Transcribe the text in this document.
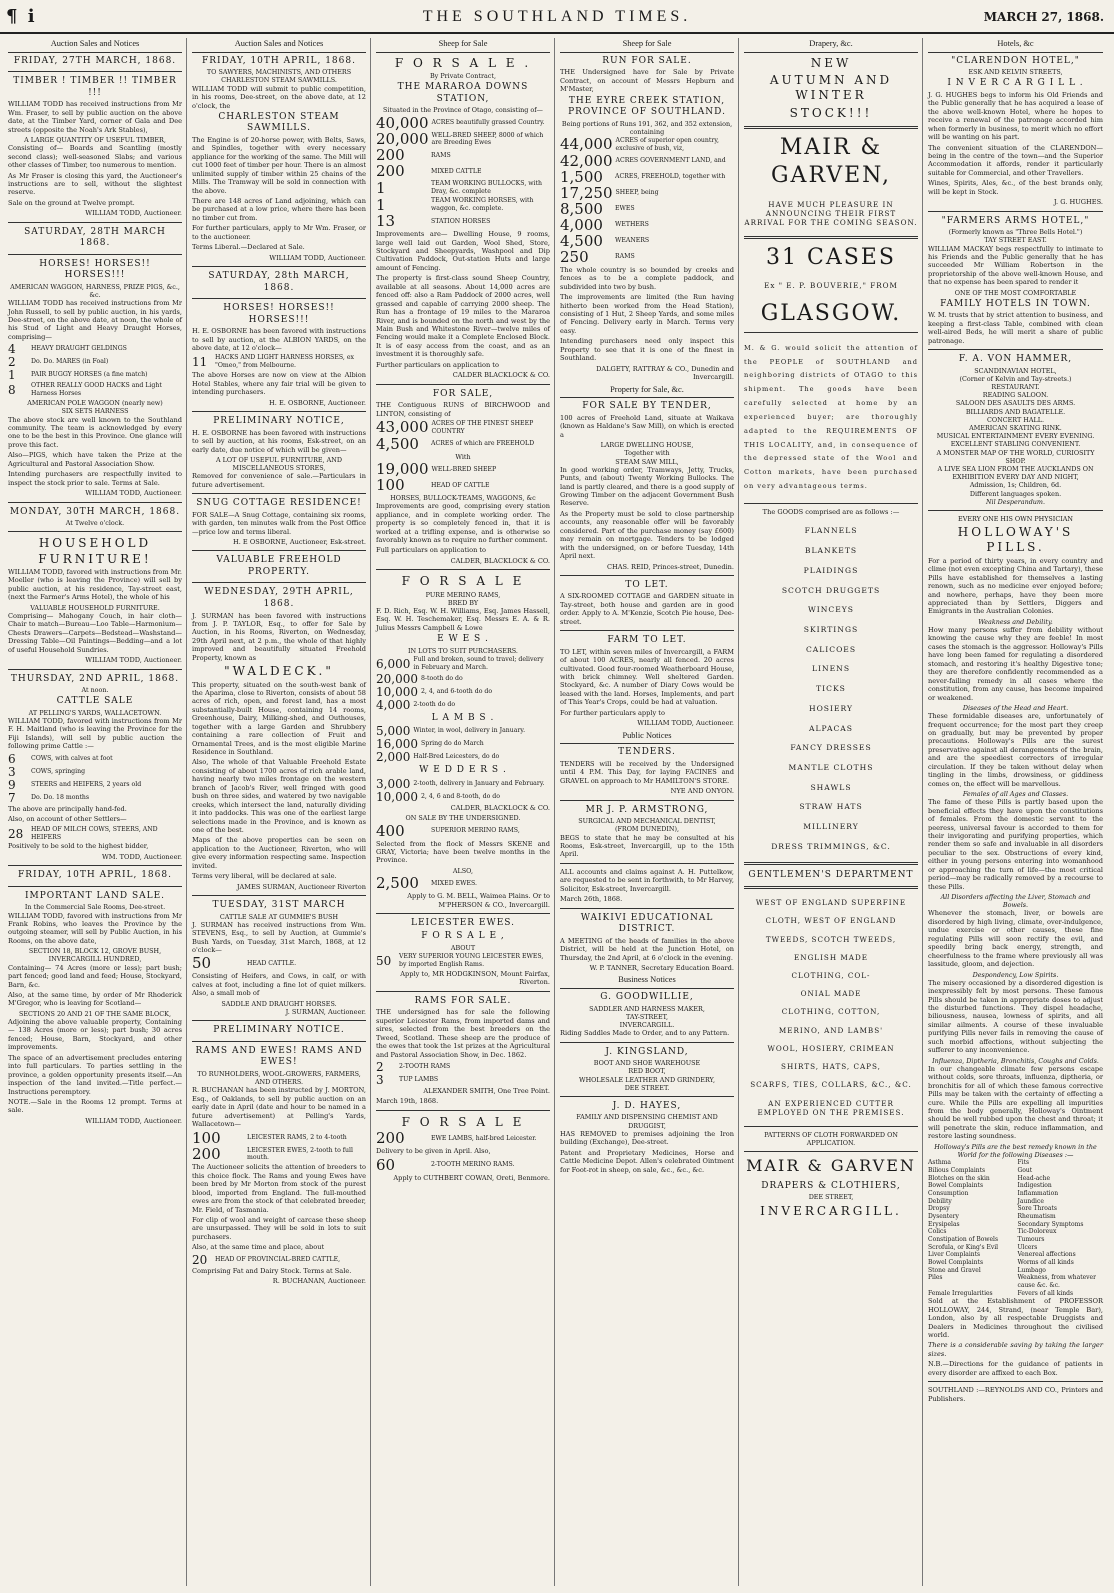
¶ i	THE SOUTHLAND TIMES.	MARCH 27, 1868.
Auction Sales and Notices
FRIDAY, 27TH MARCH, 1868.
TIMBER ! TIMBER !! TIMBER !!!

WILLIAM TODD has received instructions from Mr Wm. Fraser, to sell by public auction on the above date, at the Timber Yard, corner of Gala and Dee streets (opposite the Noah's Ark Stables),

A LARGE QUANTITY OF USEFUL TIMBER,

Consisting of— Boards and Scantling (mostly second class); well-seasoned Slabs; and various other classes of Timber, too numerous to mention.

As Mr Fraser is closing this yard, the Auctioneer's instructions are to sell, without the slightest reserve.

Sale on the ground at Twelve prompt.

WILLIAM TODD, Auctioneer.

SATURDAY, 28TH MARCH 1868.
HORSES! HORSES!! HORSES!!!
AMERICAN WAGGON, HARNESS, PRIZE PIGS, &c., &c.

WILLIAM TODD has received instructions from Mr John Russell, to sell by public auction, in his yards, Dee-street, on the above date, at noon, the whole of his Stud of Light and Heavy Draught Horses, comprising—

4	HEAVY DRAUGHT GELDINGS
2	Do. Do. MARES (in Foal)
1	PAIR BUGGY HORSES (a fine match)
8	OTHER REALLY GOOD HACKS and Light Harness Horses
AMERICAN POLE WAGGON (nearly new)
SIX SETS HARNESS

The above stock are well known to the Southland community. The team is acknowledged by every one to be the best in this Province. One glance will prove this fact.

Also—PIGS, which have taken the Prize at the Agricultural and Pastoral Association Show.

Intending purchasers are respectfully invited to inspect the stock prior to sale. Terms at Sale.

WILLIAM TODD, Auctioneer.

MONDAY, 30TH MARCH, 1868.
At Twelve o'clock.
HOUSEHOLD FURNITURE!

WILLIAM TODD, favored with instructions from Mr. Moeller (who is leaving the Province) will sell by public auction, at his residence, Tay-street east, (next the Farmer's Arms Hotel), the whole of his

VALUABLE HOUSEHOLD FURNITURE.

Comprising— Mahogany Couch, in hair cloth—Chair to match—Bureau—Loo Table—Harmonium—Chests Drawers—Carpets—Bedstead—Washstand—Dressing Table—Oil Paintings—Bedding—and a lot of useful Household Sundries.

WILLIAM TODD, Auctioneer.

THURSDAY, 2ND APRIL, 1868.
At noon.
CATTLE SALE
AT PELLING'S YARDS, WALLACETOWN.

WILLIAM TODD, favored with instructions from Mr F. H. Maitland (who is leaving the Province for the Fiji Islands), will sell by public auction the following prime Cattle :—

6	COWS, with calves at foot
3	COWS, springing
9	STEERS and HEIFERS, 2 years old
7	Do. Do. 18 months

The above are principally hand-fed.

Also, on account of other Settlers—

28	HEAD OF MILCH COWS, STEERS, AND HEIFERS

Positively to be sold to the highest bidder,

WM. TODD, Auctioneer.

FRIDAY, 10TH APRIL, 1868.
IMPORTANT LAND SALE.
In the Commercial Sale Rooms, Dee-street.

WILLIAM TODD, favored with instructions from Mr Frank Robins, who leaves the Province by the outgoing steamer, will sell by Public Auction, in his Rooms, on the above date,

SECTION 18, BLOCK 12, GROVE BUSH, INVERCARGILL HUNDRED,

Containing— 74 Acres (more or less); part bush; part fenced; good land and feed; House, Stockyard, Barn, &c.

Also, at the same time, by order of Mr Rhoderick M'Gregor, who is leaving for Scotland—

SECTIONS 20 AND 21 OF THE SAME BLOCK,

Adjoining the above valuable property, Containing— 138 Acres (more or less); part bush; 30 acres fenced; House, Barn, Stockyard, and other improvements.

The space of an advertisement precludes entering into full particulars. To parties settling in the province, a golden opportunity presents itself.—An inspection of the land invited.—Title perfect.—Instructions peremptory.

NOTE.—Sale in the Rooms 12 prompt. Terms at sale.

WILLIAM TODD, Auctioneer.

Auction Sales and Notices
FRIDAY, 10TH APRIL, 1868.
TO SAWYERS, MACHINISTS, AND OTHERS
CHARLESTON STEAM SAWMILLS.

WILLIAM TODD will submit to public competition, in his rooms, Dee-street, on the above date, at 12 o'clock, the

CHARLESTON STEAM SAWMILLS.

The Engine is of 20-horse power, with Belts, Saws, and Spindles, together with every necessary appliance for the working of the same. The Mill will cut 1000 feet of timber per hour. There is an almost unlimited supply of timber within 25 chains of the Mills. The Tramway will be sold in connection with the above.

There are 148 acres of Land adjoining, which can be purchased at a low price, where there has been no timber cut from.

For further particulars, apply to Mr Wm. Fraser, or to the auctioneer.

Terms Liberal.—Declared at Sale.

WILLIAM TODD, Auctioneer.

SATURDAY, 28th MARCH, 1868.
HORSES! HORSES!! HORSES!!!

H. E. OSBORNE has been favored with instructions to sell by auction, at the ALBION YARDS, on the above date, at 12 o'clock—

11	HACKS AND LIGHT HARNESS HORSES, ex "Omeo," from Melbourne.

The above Horses are now on view at the Albion Hotel Stables, where any fair trial will be given to intending purchasers.

H. E. OSBORNE, Auctioneer.

PRELIMINARY NOTICE,

H. E. OSBORNE has been favored with instructions to sell by auction, at his rooms, Esk-street, on an early date, due notice of which will be given—

A LOT OF USEFUL FURNITURE, AND MISCELLANEOUS STORES,

Removed for convenience of sale.—Particulars in future advertisement.

SNUG COTTAGE RESIDENCE!

FOR SALE—A Snug Cottage, containing six rooms, with garden, ten minutes walk from the Post Office—price low and terms liberal.

H. E OSBORNE, Auctioneer, Esk-street.

VALUABLE FREEHOLD PROPERTY.
WEDNESDAY, 29TH APRIL, 1868.

J. SURMAN has been favored with instructions from J. P. TAYLOR, Esq., to offer for Sale by Auction, in his Rooms, Riverton, on Wednesday, 29th April next, at 2 p.m., the whole of that highly improved and beautifully situated Freehold Property, known as

"WALDECK."

This property, situated on the south-west bank of the Aparima, close to Riverton, consists of about 58 acres of rich, open, and forest land, has a most substantially-built House, containing 14 rooms, Greenhouse, Dairy, Milking-shed, and Outhouses, together with a large Garden and Shrubbery containing a rare collection of Fruit and Ornamental Trees, and is the most eligible Marine Residence in Southland.

Also, The whole of that Valuable Freehold Estate consisting of about 1700 acres of rich arable land, having nearly two miles frontage on the western branch of Jacob's River, well fringed with good bush on three sides, and watered by two navigable creeks, which intersect the land, naturally dividing it into paddocks. This was one of the earliest large selections made in the Province, and is known as one of the best.

Maps of the above properties can be seen on application to the Auctioneer, Riverton, who will give every information respecting same. Inspection invited.

Terms very liberal, will be declared at sale.

JAMES SURMAN, Auctioneer Riverton

TUESDAY, 31ST MARCH
CATTLE SALE AT GUMMIE'S BUSH

J. SURMAN has received instructions from Wm. STEVENS, Esq., to sell by Auction, at Gummie's Bush Yards, on Tuesday, 31st March, 1868, at 12 o'clock—

50	HEAD CATTLE.

Consisting of Heifers, and Cows, in calf, or with calves at foot, including a fine lot of quiet milkers. Also, a small mob of

SADDLE AND DRAUGHT HORSES.

J. SURMAN, Auctioneer.

PRELIMINARY NOTICE.
RAMS AND EWES! RAMS AND EWES!
TO RUNHOLDERS, WOOL-GROWERS, FARMERS, AND OTHERS.

R. BUCHANAN has been instructed by J. MORTON, Esq., of Oaklands, to sell by public auction on an early date in April (date and hour to be named in a future advertisement) at Pelling's Yards, Wallacetown—

100	LEICESTER RAMS, 2 to 4-tooth
200	LEICESTER EWES, 2-tooth to full mouth.

The Auctioneer solicits the attention of breeders to this choice flock. The Rams and young Ewes have been bred by Mr Morton from stock of the purest blood, imported from England. The full-mouthed ewes are from the stock of that celebrated breeder, Mr. Field, of Tasmania.

For clip of wool and weight of carcase these sheep are unsurpassed. They will be sold in lots to suit purchasers.

Also, at the same time and place, about

20	HEAD OF PROVINCIAL-BRED CATTLE,

Comprising Fat and Dairy Stock. Terms at Sale.

R. BUCHANAN, Auctioneer.

Sheep for Sale
F O R S A L E .
By Private Contract,
THE MARAROA DOWNS STATION,
Situated in the Province of Otago, consisting of—
40,000 ACRES beautifully grassed Country.
20,000 WELL-BRED SHEEP, 8000 of which are Breeding Ewes
200	RAMS
200	MIXED CATTLE
1	TEAM WORKING BULLOCKS, with Dray, &c. complete
1	TEAM WORKING HORSES, with waggon, &c. complete.
13	STATION HORSES

Improvements are— Dwelling House, 9 rooms, large well laid out Garden, Wool Shed, Store, Stockyard and Sheepyards, Washpool and Dip Cultivation Paddock, Out-station Huts and large amount of Fencing.

The property is first-class sound Sheep Country, available at all seasons. About 14,000 acres are fenced off: also a Ram Paddock of 2000 acres, well grassed and capable of carrying 2000 sheep. The Run has a frontage of 19 miles to the Mararoa River, and is bounded on the north and west by the Main Bush and Whitestone River—twelve miles of Fencing would make it a Complete Enclosed Block. It is of easy access from the coast, and as an investment it is thoroughly safe.

Further particulars on application to

CALDER BLACKLOCK & CO.

FOR SALE,

THE Contiguous RUNS of BIRCHWOOD and LINTON, consisting of

43,000 ACRES OF THE FINEST SHEEP COUNTRY
4,500	ACRES of which are FREEHOLD
With
19,000 WELL-BRED SHEEP
100	HEAD OF CATTLE
HORSES, BULLOCK-TEAMS, WAGGONS, &c

Improvements are good, comprising every station appliance, and in complete working order. The property is so completely fenced in, that it is worked at a trifling expense, and is otherwise so favorably known as to require no further comment.

Full particulars on application to

CALDER, BLACKLOCK & CO.

F O R S A L E
PURE MERINO RAMS,
BRED BY

F. D. Rich, Esq. W. H. Williams, Esq. James Hassell, Esq. W. H. Teschemaker, Esq. Messrs E. A. & R. Julius Messrs Campbell & Lowe

E W E S .
IN LOTS TO SUIT PURCHASERS.
6,000 Full and broken, sound to travel; delivery in February and March.
20,000 8-tooth do do
10,000 2, 4, and 6-tooth do do
4,000 2-tooth do do
L A M B S .
5,000 Winter, in wool, delivery in January.
16,000 Spring do do March
2,000 Half-Bred Leicesters, do do
W E D D E R S .
3,000 2-tooth, delivery in January and February.
10,000 2, 4, 6 and 8-tooth, do do

CALDER, BLACKLOCK & CO.

ON SALE BY THE UNDERSIGNED.
400	SUPERIOR MERINO RAMS,

Selected from the flock of Messrs SKENE and GRAY, Victoria; have been twelve months in the Province.

ALSO,
2,500	MIXED EWES.

Apply to G. M. BELL, Waimea Plains. Or to M'PHERSON & CO., Invercargill.

LEICESTER EWES.
F O R S A L E ,
ABOUT
50	VERY SUPERIOR YOUNG LEICESTER EWES, by imported English Rams.

Apply to, MR HODGKINSON, Mount Fairfax, Riverton.

RAMS FOR SALE.

THE undersigned has for sale the following superior Leicester Rams, from imported dams and sires, selected from the best breeders on the Tweed, Scotland. These sheep are the produce of the ewes that took the 1st prizes at the Agricultural and Pastoral Association Show, in Dec. 1862.

2	2-TOOTH RAMS
3	TUP LAMBS

ALEXANDER SMITH, One Tree Point.

March 19th, 1868.

F O R S A L E
200	EWE LAMBS, half-bred Leicester.

Delivery to be given in April. Also,

60	2-TOOTH MERINO RAMS.

Apply to CUTHBERT COWAN, Oreti, Benmore.

Sheep for Sale
RUN FOR SALE.

THE Undersigned have for Sale by Private Contract, on account of Messrs Hepburn and M'Master,

THE EYRE CREEK STATION, PROVINCE OF SOUTHLAND.
Being portions of Runs 191, 362, and 352 extension, containing
44,000 ACRES of superior open country, exclusive of bush, viz,
42,000 ACRES GOVERNMENT LAND, and
1,500	ACRES, FREEHOLD, together with
17,250 SHEEP, being
8,500	EWES
4,000	WETHERS
4,500	WEANERS
250	RAMS

The whole country is so bounded by creeks and fences as to be a complete paddock, and subdivided into two by bush.

The improvements are limited (the Run having hitherto been worked from the Head Station), consisting of 1 Hut, 2 Sheep Yards, and some miles of Fencing. Delivery early in March. Terms very easy.

Intending purchasers need only inspect this Property to see that it is one of the finest in Southland.

DALGETY, RATTRAY & CO., Dunedin and Invercargill.

Property for Sale, &c.
FOR SALE BY TENDER,

100 acres of Freehold Land, situate at Waikava (known as Haldane's Saw Mill), on which is erected a

LARGE DWELLING HOUSE,
Together with
STEAM SAW MILL,

In good working order, Tramways, Jetty, Trucks, Punts, and (about) Twenty Working Bullocks. The land is partly cleared, and there is a good supply of Growing Timber on the adjacent Government Bush Reserve.

As the Property must be sold to close partnership accounts, any reasonable offer will be favorably considered. Part of the purchase money (say £600) may remain on mortgage. Tenders to be lodged with the undersigned, on or before Tuesday, 14th April next.

CHAS. REID, Princes-street, Dunedin.

TO LET.

A SIX-ROOMED COTTAGE and GARDEN situate in Tay-street, both house and garden are in good order. Apply to A. M'Kenzie, Scotch Pie house, Dee-street.

FARM TO LET.

TO LET, within seven miles of Invercargill, a FARM of about 100 ACRES, nearly all fenced. 20 acres cultivated. Good four-roomed Weatherboard House, with brick chimney. Well sheltered Garden. Stockyard, &c. A number of Diary Cows would be leased with the land. Horses, Implements, and part of This Year's Crops, could be had at valuation.

For further particulars apply to

WILLIAM TODD, Auctioneer.

Public Notices
TENDERS.

TENDERS will be received by the Undersigned until 4 P.M. This Day, for laying FACINES and GRAVEL on approach to Mr HAMILTON'S STORE.

NYE AND ONYON.

MR J. P. ARMSTRONG,
SURGICAL AND MECHANICAL DENTIST,
(FROM DUNEDIN),

BEGS to state that he may be consulted at his Rooms, Esk-street, Invercargill, up to the 15th April.

ALL accounts and claims against A. H. Puttelkow, are requested to be sent in forthwith, to Mr Harvey, Solicitor, Esk-street, Invercargill.

March 26th, 1868.

WAIKIVI EDUCATIONAL DISTRICT.

A MEETING of the heads of families in the above District, will be held at the Junction Hotel, on Thursday, the 2nd April, at 6 o'clock in the evening.

W. P. TANNER, Secretary Education Board.

Business Notices
G. GOODWILLIE,
SADDLER AND HARNESS MAKER,
TAY-STREET,
INVERCARGILL.

Riding Saddles Made to Order, and to any Pattern.

J. KINGSLAND,
BOOT AND SHOE WAREHOUSE
RED BOOT,
WHOLESALE LEATHER AND GRINDERY,
DEE STREET.
J. D. HAYES,
FAMILY AND DISPENSING CHEMIST AND DRUGGIST,

HAS REMOVED to premises adjoining the Iron building (Exchange), Dee-street.

Patent and Proprietary Medicines, Horse and Cattle Medicine Depot. Allen's celebrated Ointment for Foot-rot in sheep, on sale, &c., &c., &c.

Drapery, &c.
NEW
AUTUMN AND WINTER
STOCK!!!
MAIR & GARVEN,
HAVE MUCH PLEASURE IN ANNOUNCING THEIR FIRST ARRIVAL FOR THE COMING SEASON.
31 CASES
Ex " E. P. BOUVERIE," FROM
GLASGOW.
M. & G. would solicit the attention of the PEOPLE of SOUTHLAND and neighboring districts of OTAGO to this shipment. The goods have been carefully selected at home by an experienced buyer; are thoroughly adapted to the REQUIREMENTS OF THIS LOCALITY, and, in consequence of the depressed state of the Wool and Cotton markets, have been purchased on very advantageous terms.
The GOODS comprised are as follows :—
FLANNELS
BLANKETS
PLAIDINGS
SCOTCH DRUGGETS
WINCEYS
SKIRTINGS
CALICOES
LINENS
TICKS
HOSIERY
ALPACAS
FANCY DRESSES
MANTLE CLOTHS
SHAWLS
STRAW HATS
MILLINERY
DRESS TRIMMINGS, &C.
GENTLEMEN'S DEPARTMENT
WEST OF ENGLAND SUPERFINE
CLOTH, WEST OF ENGLAND
TWEEDS, SCOTCH TWEEDS,
ENGLISH MADE
CLOTHING, COL-
ONIAL MADE
CLOTHING, COTTON,
MERINO, AND LAMBS'
WOOL, HOSIERY, CRIMEAN
SHIRTS, HATS, CAPS,
SCARFS, TIES, COLLARS, &C., &C.
AN EXPERIENCED CUTTER EMPLOYED ON THE PREMISES.
PATTERNS OF CLOTH FORWARDED ON APPLICATION.
MAIR & GARVEN
DRAPERS & CLOTHIERS,
DEE STREET,
INVERCARGILL.
Hotels, &c
"CLARENDON HOTEL,"
ESK AND KELVIN STREETS,
I N V E R C A R G I L L .

J. G. HUGHES begs to inform his Old Friends and the Public generally that he has acquired a lease of the above well-known Hotel, where he hopes to receive a renewal of the patronage accorded him when formerly in business, to merit which no effort will be wanting on his part.

The convenient situation of the CLARENDON—being in the centre of the town—and the Superior Accommodation it affords, render it particularly suitable for Commercial, and other Travellers.

Wines, Spirits, Ales, &c., of the best brands only, will be kept in Stock.

J. G. HUGHES.

"FARMERS ARMS HOTEL,"
(Formerly known as "Three Bells Hotel.")
TAY STREET EAST.

WILLIAM MACKAY begs respectfully to intimate to his Friends and the Public generally that he has succeeded Mr William Robertson in the proprietorship of the above well-known House, and that no expense has been spared to render it

ONE OF THE MOST COMFORTABLE
FAMILY HOTELS IN TOWN.

W. M. trusts that by strict attention to business, and keeping a first-class Table, combined with clean well-aired Beds, he will merit a share of public patronage.

F. A. VON HAMMER,
SCANDINAVIAN HOTEL,
(Corner of Kelvin and Tay-streets.)
RESTAURANT.
READING SALOON.
SALOON DES ASAULTS DES ARMS.
BILLIARDS AND BAGATELLE.
CONCERT HALL.
AMERICAN SKATING RINK.
MUSICAL ENTERTAINMENT EVERY EVENING.
EXCELLENT STABLING CONVENIENT.
A MONSTER MAP OF THE WORLD, CURIOSITY SHOP.
A LIVE SEA LION FROM THE AUCKLANDS ON EXHIBITION EVERY DAY AND NIGHT,
Admission, 1s; Children, 6d.
Different languages spoken.
Nil Desperandum.
EVERY ONE HIS OWN PHYSICIAN
HOLLOWAY'S PILLS.

For a period of thirty years, in every country and clime (not even excepting China and Tartary), these Pills have established for themselves a lasting renown, such as no medicine ever enjoyed before; and nowhere, perhaps, have they been more appreciated than by Settlers, Diggers and Emigrants in the Australian Colonies.

Weakness and Debility.

How many persons suffer from debility without knowing the cause why they are feeble! In most cases the stomach is the aggressor. Holloway's Pills have long been famed for regulating a disordered stomach, and restoring it's healthy Digestive tone; they are therefore confidently recommended as a never-failing remedy in all cases where the constitution, from any cause, has become impaired or weakened.

Diseases of the Head and Heart.

These formidable diseases are, unfortunately of frequent occurrence; for the most part they creep on gradually, but may be prevented by proper precautions. Holloway's Pills are the surest preservative against all derangements of the brain, and are the speediest correctors of irregular circulation. If they be taken without delay when tingling in the limbs, drowsiness, or giddiness comes on, the effect will be marvellous.

Females of all Ages and Classes.

The fame of these Pills is partly based upon the beneficial effects they have upon the constitutions of females. From the domestic servant to the peeress, universal favour is accorded to them for their invigorating and purifying properties, which render them so safe and invaluable in all disorders peculiar to the sex. Obstructions of every kind, either in young persons entering into womanhood or approaching the turn of life—the most critical period—may be radically removed by a recourse to these Pills.

All Disorders affecting the Liver, Stomach and Bowels.

Whenever the stomach, liver, or bowels are disordered by high living, climate, over-indulgence, undue exercise or other causes, these fine regulating Pills will soon rectify the evil, and speedily bring back energy, strength, and cheerfulness to the frame where previously all was lassitude, gloom, and dejection.

Despondency, Low Spirits.

The misery occasioned by a disordered digestion is inexpressibly felt by most persons. These famous Pills should be taken in appropriate doses to adjust the disturbed functions. They dispel headache, biliousness, nausea, lowness of spirits, and all similar ailments. A course of these invaluable purifying Pills never fails in removing the cause of such morbid affections, without subjecting the sufferer to any inconvenience.

Influenza, Diptheria, Bronchitis, Coughs and Colds.

In our changeable climate few persons escape without colds, sore throats, influenza, diptheria, or bronchitis for all of which these famous corrective Pills may be taken with the certainty of effecting a cure. While the Pills are expelling all impurities from the body generally, Holloway's Ointment should be well rubbed upon the chest and throat; it will penetrate the skin, reduce inflammation, and restore lasting soundness.

Holloway's Pills are the best remedy known in the World for the following Diseases :—
Asthma	Fits
Bilious Complaints	Gout
Blotches on the skin	Head-ache
Bowel Complaints	Indigestion
Consumption	Inflammation
Debility	Jaundice
Dropsy	Sore Throats
Dysentery	Rheumatism
Erysipelas	Secondary Symptoms
Colics	Tic-Doloreux
Constipation of Bowels	Tumours
Scrofula, or King's Evil	Ulcers
Liver Complaints	Venereal affections
Bowel Complaints	Worms of all kinds
Stone and Gravel	Lumbago
Piles	Weakness, from whatever cause &c. &c.
Female Irregularities	Fevers of all kinds

Sold at the Establishment of PROFESSOR HOLLOWAY, 244, Strand, (near Temple Bar), London, also by all respectable Druggists and Dealers in Medicines throughout the civilised world.

There is a considerable saving by taking the larger sizes.

N.B.—Directions for the guidance of patients in every disorder are affixed to each Box.

SOUTHLAND :—REYNOLDS AND CO., Printers and Publishers.
